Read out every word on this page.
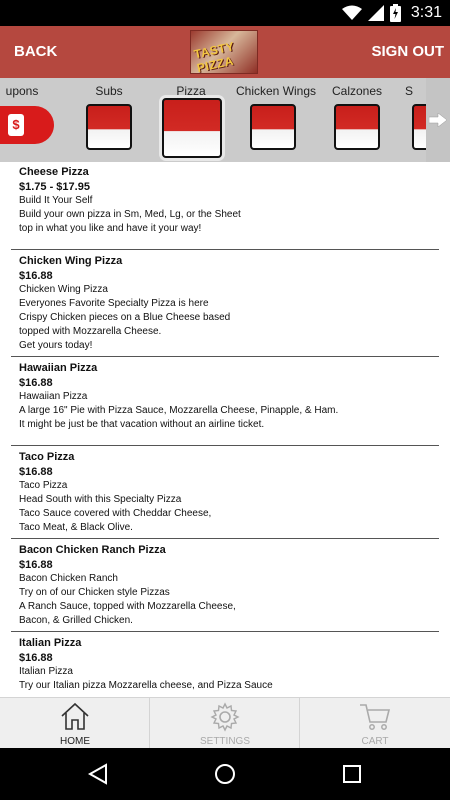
3:31
BACK	TASTY PIZZA
SIGN OUT
upons
$
Subs	Pizza	Chicken Wings	Calzones	S
Cheese Pizza
$1.75 - $17.95
Build It Your Self
Build your own pizza in Sm, Med, Lg, or the Sheet
top in what you like and have it your way!
Chicken Wing Pizza
$16.88
Chicken Wing Pizza
Everyones Favorite Specialty Pizza is here
Crispy Chicken pieces on a Blue Cheese based
topped with Mozzarella Cheese.
Get yours today!
Hawaiian Pizza
$16.88
Hawaiian Pizza
A large 16" Pie with Pizza Sauce, Mozzarella Cheese, Pinapple, & Ham.
It might be just be that vacation without an airline ticket.
Taco Pizza
$16.88
Taco Pizza
Head South with this Specialty Pizza
Taco Sauce covered with Cheddar Cheese,
Taco Meat, & Black Olive.
Bacon Chicken Ranch Pizza
$16.88
Bacon Chicken Ranch
Try on of our Chicken style Pizzas
A Ranch Sauce, topped with Mozzarella Cheese,
Bacon, & Grilled Chicken.
Italian Pizza
$16.88
Italian Pizza
Try our Italian pizza Mozzarella cheese, and Pizza Sauce
HOME	SETTINGS	CART
